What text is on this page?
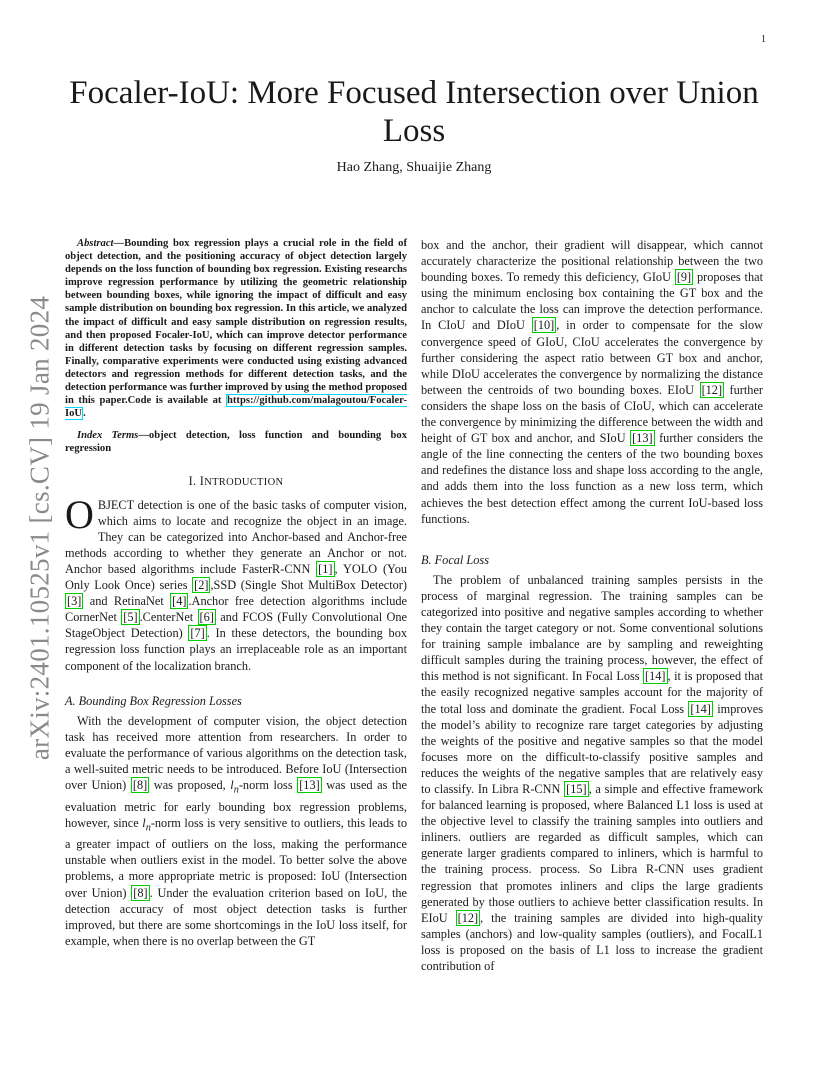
1
arXiv:2401.10525v1 [cs.CV] 19 Jan 2024
Focaler-IoU: More Focused Intersection over Union Loss
Hao Zhang, Shuaijie Zhang

Abstract—Bounding box regression plays a crucial role in the field of object detection, and the positioning accuracy of object detection largely depends on the loss function of bounding box regression. Existing researchs improve regression performance by utilizing the geometric relationship between bounding boxes, while ignoring the impact of difficult and easy sample distribution on bounding box regression. In this article, we analyzed the impact of difficult and easy sample distribution on regression results, and then proposed Focaler-IoU, which can improve detector performance in different detection tasks by focusing on different regression samples. Finally, comparative experiments were conducted using existing advanced detectors and regression methods for different detection tasks, and the detection performance was further improved by using the method proposed in this paper.Code is available at https://github.com/malagoutou/Focaler-IoU.

Index Terms—object detection, loss function and bounding box regression

I. INTRODUCTION

OBJECT detection is one of the basic tasks of computer vision, which aims to locate and recognize the object in an image. They can be categorized into Anchor-based and Anchor-free methods according to whether they generate an Anchor or not. Anchor based algorithms include FasterR-CNN [1] , YOLO (You Only Look Once) series [2] ,SSD (Single Shot MultiBox Detector) [3] and RetinaNet [4] .Anchor free detection algorithms include CornerNet [5] .CenterNet [6] and FCOS (Fully Convolutional One StageObject Detection) [7] . In these detectors, the bounding box regression loss function plays an irreplaceable role as an important component of the localization branch.

A. Bounding Box Regression Losses

With the development of computer vision, the object detection task has received more attention from researchers. In order to evaluate the performance of various algorithms on the detection task, a well-suited metric needs to be introduced. Before IoU (Intersection over Union) [8] was proposed, $l_n$-norm loss [13] was used as the evaluation metric for early bounding box regression problems, however, since $l_n$-norm loss is very sensitive to outliers, this leads to a greater impact of outliers on the loss, making the performance unstable when outliers exist in the model. To better solve the above problems, a more appropriate metric is proposed: IoU (Intersection over Union) [8] . Under the evaluation criterion based on IoU, the detection accuracy of most object detection tasks is further improved, but there are some shortcomings in the IoU loss itself, for example, when there is no overlap between the GT

box and the anchor, their gradient will disappear, which cannot accurately characterize the positional relationship between the two bounding boxes. To remedy this deficiency, GIoU [9] proposes that using the minimum enclosing box containing the GT box and the anchor to calculate the loss can improve the detection performance. In CIoU and DIoU [10] , in order to compensate for the slow convergence speed of GIoU, CIoU accelerates the convergence by further considering the aspect ratio between GT box and anchor, while DIoU accelerates the convergence by normalizing the distance between the centroids of two bounding boxes. EIoU [12] further considers the shape loss on the basis of CIoU, which can accelerate the convergence by minimizing the difference between the width and height of GT box and anchor, and SIoU [13] further considers the angle of the line connecting the centers of the two bounding boxes and redefines the distance loss and shape loss according to the angle, and adds them into the loss function as a new loss term, which achieves the best detection effect among the current IoU-based loss functions.

B. Focal Loss

The problem of unbalanced training samples persists in the process of marginal regression. The training samples can be categorized into positive and negative samples according to whether they contain the target category or not. Some conventional solutions for training sample imbalance are by sampling and reweighting difficult samples during the training process, however, the effect of this method is not significant. In Focal Loss [14] , it is proposed that the easily recognized negative samples account for the majority of the total loss and dominate the gradient. Focal Loss [14] improves the model’s ability to recognize rare target categories by adjusting the weights of the positive and negative samples so that the model focuses more on the difficult-to-classify positive samples and reduces the weights of the negative samples that are relatively easy to classify. In Libra R-CNN [15] , a simple and effective framework for balanced learning is proposed, where Balanced L1 loss is used at the objective level to classify the training samples into outliers and inliners. outliers are regarded as difficult samples, which can generate larger gradients compared to inliners, which is harmful to the training process. process. So Libra R-CNN uses gradient regression that promotes inliners and clips the large gradients generated by those outliers to achieve better classification results. In EIoU [12] , the training samples are divided into high-quality samples (anchors) and low-quality samples (outliers), and FocalL1 loss is proposed on the basis of L1 loss to increase the gradient contribution of
